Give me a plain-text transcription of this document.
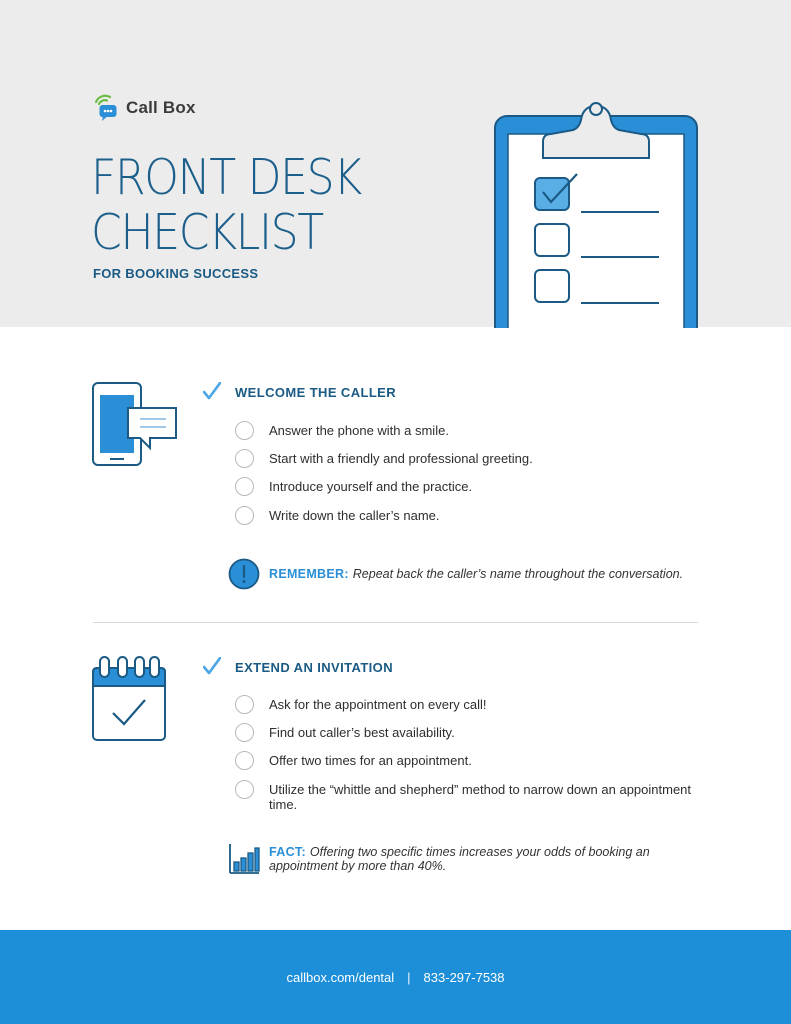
Call Box
FRONT DESK
CHECKLIST
FOR BOOKING SUCCESS
WELCOME THE CALLER
Answer the phone with a smile.
Start with a friendly and professional greeting.
Introduce yourself and the practice.
Write down the caller’s name.
REMEMBER: Repeat back the caller’s name throughout the conversation.
EXTEND AN INVITATION
Ask for the appointment on every call!
Find out caller’s best availability.
Offer two times for an appointment.
Utilize the “whittle and shepherd” method to narrow down an appointment time.
FACT: Offering two specific times increases your odds of booking an appointment by more than 40%.
callbox.com/dental | 833-297-7538
